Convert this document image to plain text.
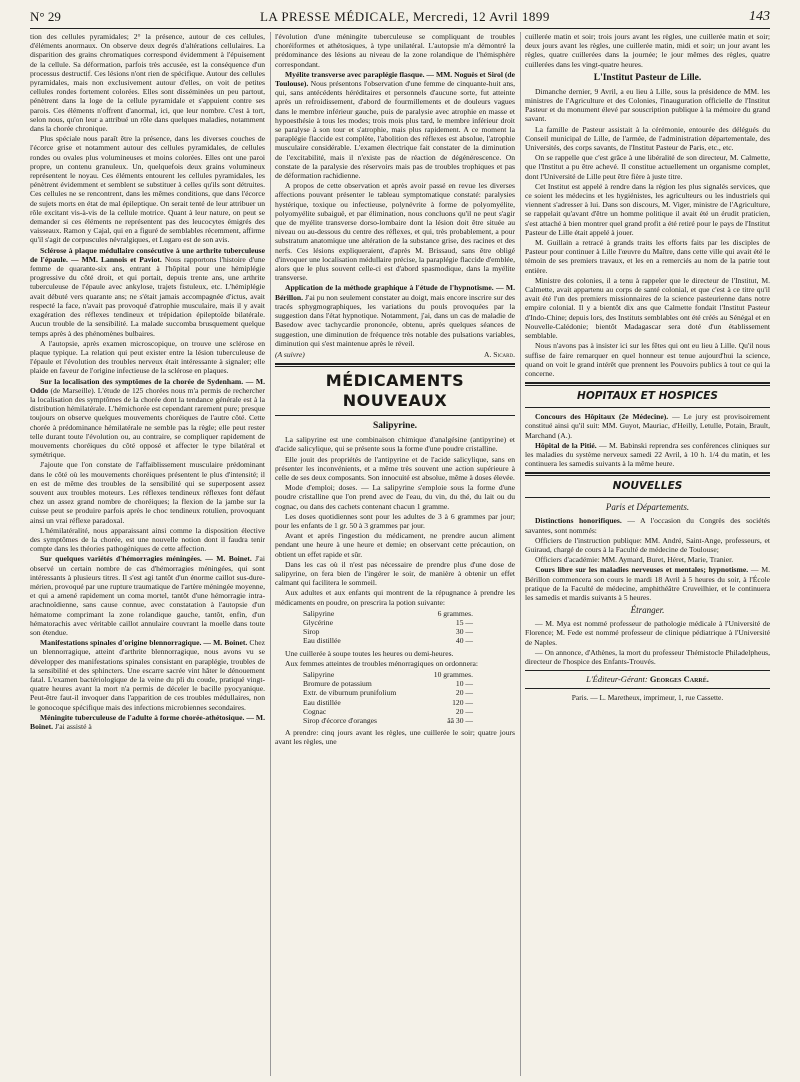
N° 29	LA PRESSE MÉDICALE, Mercredi, 12 Avril 1899	143

tion des cellules pyramidales; 2° la présence, autour de ces cellules, d'éléments anormaux. On observe deux degrés d'altérations cellulaires. La disparition des grains chromatiques correspond évidemment à l'épuisement de la cellule. Sa déformation, parfois très accusée, est la conséquence d'un processus destructif. Ces lésions n'ont rien de spécifique. Autour des cellules pyramidales, mais non exclusivement autour d'elles, on voit de petites cellules rondes fortement colorées. Elles sont disséminées un peu partout, pénètrent dans la loge de la cellule pyramidale et s'appuient contre ses parois. Ces éléments n'offrent d'anormal, ici, que leur nombre. C'est à tort, selon nous, qu'on leur a attribué un rôle dans quelques maladies, notamment dans la chorée chronique.

Plus spéciale nous paraît être la présence, dans les diverses couches de l'écorce grise et notamment autour des cellules pyramidales, de cellules rondes ou ovales plus volumineuses et moins colorées. Elles ont une paroi propre, un contenu granuleux. Un, quelquefois deux grains volumineux représentent le noyau. Ces éléments entourent les cellules pyramidales, les pénètrent évidemment et semblent se substituer à celles qu'ils sont détruites. Ces cellules ne se rencontrent, dans les mêmes conditions, que dans l'écorce de sujets morts en état de mal épileptique. On serait tenté de leur attribuer un rôle excitant vis-à-vis de la cellule motrice. Quant à leur nature, on peut se demander si ces éléments ne représentent pas des leucocytes émigrés des vaisseaux. Ramon y Cajal, qui en a figuré de semblables récemment, affirme qu'il s'agit de corpuscules névralgiques, et Lugaro est de son avis.

Sclérose à plaque médullaire consécutive à une arthrite tuberculeuse de l'épaule. — MM. Lannois et Paviot. Nous rapportons l'histoire d'une femme de quarante-six ans, entrant à l'hôpital pour une hémiplégie progressive du côté droit, et qui portait, depuis trente ans, une arthrite tuberculeuse de l'épaule avec ankylose, trajets fistuleux, etc. L'hémiplégie avait débuté vers quarante ans; ne s'était jamais accompagnée d'ictus, avait respecté la face, n'avait pas provoqué d'atrophie musculaire, mais il y avait exagération des réflexes tendineux et trépidation épileptoïde bilatérale. Aucun trouble de la sensibilité. La malade succomba brusquement quelque temps après à des phénomènes bulbaires.

A l'autopsie, après examen microscopique, on trouve une sclérose en plaque typique. La relation qui peut exister entre la lésion tuberculeuse de l'épaule et l'évolution des troubles nerveux était intéressante à signaler; elle plaide en faveur de l'origine infectieuse de la sclérose en plaques.

Sur la localisation des symptômes de la chorée de Sydenham. — M. Oddo (de Marseille). L'étude de 125 chorées nous m'a permis de rechercher la localisation des symptômes de la chorée dont la tendance générale est à la distribution hémilatérale. L'hémichorée est cependant rarement pure; presque toujours on observe quelques mouvements choréiques de l'autre côté. Cette chorée à prédominance hémilatérale ne semble pas la règle; elle peut rester telle durant toute l'évolution ou, au contraire, se compliquer rapidement de mouvements choréiques du côté opposé et affecter le type bilatéral et symétrique.

J'ajoute que l'on constate de l'affaiblissement musculaire prédominant dans le côté où les mouvements choréiques présentent le plus d'intensité; il en est de même des troubles de la sensibilité qui se superposent assez souvent aux troubles moteurs. Les réflexes tendineux réflexes font défaut chez un assez grand nombre de choréiques; la flexion de la jambe sur la cuisse peut se produire parfois après le choc tendineux rotulien, provoquant ainsi un vrai réflexe paradoxal.

L'hémilatéralité, nous apparaissant ainsi comme la disposition élective des symptômes de la chorée, est une nouvelle notion dont il faudra tenir compte dans les théories pathogéniques de cette affection.

Sur quelques variétés d'hémorragies méningées. — M. Boinet. J'ai observé un certain nombre de cas d'hémorragies méningées, qui sont intéressants à plusieurs titres. Il s'est agi tantôt d'un énorme caillot sus-dure-mérien, provoqué par une rupture traumatique de l'artère méningée moyenne, et qui a amené rapidement un coma mortel, tantôt d'une hémorragie intra-arachnoïdienne, sans cause connue, avec constatation à l'autopsie d'un hématome comprimant la zone rolandique gauche, tantôt, enfin, d'un hématorachis avec véritable caillot annulaire couvrant la moelle dans toute son étendue.

Manifestations spinales d'origine blennorragique. — M. Boinet. Chez un blennorragique, atteint d'arthrite blennorragique, nous avons vu se développer des manifestations spinales consistant en paraplégie, troubles de la sensibilité et des sphincters. Une escarre sacrée vint hâter le dénouement fatal. L'examen bactériologique de la veine du pli du coude, pratiqué vingt-quatre heures avant la mort n'a permis de déceler le bacille pyocyanique. Peut-être faut-il invoquer dans l'apparition de ces troubles médullaires, non le gonocoque spécifique mais des infections microbiennes secondaires.

Méningite tuberculeuse de l'adulte à forme chorée-athétosique. — M. Boinet. J'ai assisté à

l'évolution d'une méningite tuberculeuse se compliquant de troubles choréiformes et athétosiques, à type unilatéral. L'autopsie m'a démontré la prédominance des lésions au niveau de la zone rolandique de l'hémisphère correspondant.

Myélite transverse avec paraplégie flasque. — MM. Noguès et Sirol (de Toulouse). Nous présentons l'observation d'une femme de cinquante-huit ans, qui, sans antécédents héréditaires et personnels d'aucune sorte, fut atteinte après un refroidissement, d'abord de fourmillements et de douleurs vagues dans le membre inférieur gauche, puis de paralysie avec atrophie en masse et hypoesthésie à tous les modes; trois mois plus tard, le membre inférieur droit se paralyse à son tour et s'atrophie, mais plus rapidement. A ce moment la paraplégie flaccide est complète, l'abolition des réflexes est absolue, l'atrophie musculaire considérable. L'examen électrique fait constater de la diminution de l'excitabilité, mais il n'existe pas de réaction de dégénérescence. On constate de la paralysie des réservoirs mais pas de troubles trophiques et pas de déformation rachidienne.

A propos de cette observation et après avoir passé en revue les diverses affections pouvant présenter le tableau symptomatique constaté: paralysies hystérique, toxique ou infectieuse, polynévrite à forme de polyomyélite, polyomyélite subaiguë, et par élimination, nous concluons qu'il ne peut s'agir que de myélite transverse dorso-lombaire dont la lésion doit être située au niveau ou au-dessous du centre des réflexes, et qui, très probablement, a pour substratum anatomique une altération de la substance grise, des racines et des nerfs. Ces lésions expliqueraient, d'après M. Brissaud, sans être obligé d'invoquer une localisation médullaire précise, la paraplégie flaccide d'emblée, alors que le plus souvent celle-ci est d'abord spasmodique, dans la myélite transverse.

Application de la méthode graphique à l'étude de l'hypnotisme. — M. Bérillon. J'ai pu non seulement constater au doigt, mais encore inscrire sur des tracés sphygmographiques, les variations du pouls provoquées par la suggestion dans l'état hypnotique. Notamment, j'ai, dans un cas de maladie de Basedow avec tachycardie prononcée, obtenu, après quelques séances de suggestion, une diminution de fréquence très notable des pulsations variables, diminution qui s'est maintenue après le réveil.

(A suivre)	A. Sicard.
MÉDICAMENTS NOUVEAUX
Salipyrine.

La salipyrine est une combinaison chimique d'analgésine (antipyrine) et d'acide salicylique, qui se présente sous la forme d'une poudre cristalline.

Elle jouit des propriétés de l'antipyrine et de l'acide salicylique, sans en présenter les inconvénients, et a même très souvent une action supérieure à celle de ses deux composants. Son innocuité est absolue, même à doses élevée.

Mode d'emploi; doses. — La salipyrine s'emploie sous la forme d'une poudre cristalline que l'on prend avec de l'eau, du vin, du thé, du lait ou du cognac, ou dans des cachets contenant chacun 1 gramme.

Les doses quotidiennes sont pour les adultes de 3 à 6 grammes par jour; pour les enfants de 1 gr. 50 à 3 grammes par jour.

Avant et après l'ingestion du médicament, ne prendre aucun aliment pendant une heure à une heure et demie; en observant cette précaution, on obtient un effet rapide et sûr.

Dans les cas où il n'est pas nécessaire de prendre plus d'une dose de salipyrine, on fera bien de l'ingérer le soir, de manière à obtenir un effet calmant qui facilitera le sommeil.

Aux adultes et aux enfants qui montrent de la répugnance à prendre les médicaments en poudre, on prescrira la potion suivante:

Salipyrine	6 grammes.
Glycérine	15 —
Sirop	30 —
Eau distillée	40 —

Une cuillerée à soupe toutes les heures ou demi-heures.

Aux femmes atteintes de troubles ménorragiques on ordonnera:

Salipyrine	10 grammes.
Bromure de potassium	10 —
Extr. de viburnum prunifolium	20 —
Eau distillée	120 —
Cognac	20 —
Sirop d'écorce d'oranges	ââ 30 —

A prendre: cinq jours avant les règles, une cuillerée le soir; quatre jours avant les règles, une

cuillerée matin et soir; trois jours avant les règles, une cuillerée matin et soir; deux jours avant les règles, une cuillerée matin, midi et soir; un jour avant les règles, quatre cuillerées dans la journée; le jour mêmes des règles, quatre cuillerées dans les vingt-quatre heures.

L'Institut Pasteur de Lille.

Dimanche dernier, 9 Avril, a eu lieu à Lille, sous la présidence de MM. les ministres de l'Agriculture et des Colonies, l'inauguration officielle de l'Institut Pasteur et du monument élevé par souscription publique à la mémoire du grand savant.

La famille de Pasteur assistait à la cérémonie, entourée des délégués du Conseil municipal de Lille, de l'armée, de l'administration départementale, des Universités, des corps savants, de l'Institut Pasteur de Paris, etc., etc.

On se rappelle que c'est grâce à une libéralité de son directeur, M. Calmette, que l'Institut a pu être achevé. Il constitue actuellement un organisme complet, dont l'Université de Lille peut être fière à juste titre.

Cet Institut est appelé à rendre dans la région les plus signalés services, que ce soient les médecins et les hygiénistes, les agriculteurs ou les industriels qui viennent s'adresser à lui. Dans son discours, M. Viger, ministre de l'Agriculture, se rappelait qu'avant d'être un homme politique il avait été un érudit praticien, s'est attaché à bien montrer quel grand profit a été retiré pour le pays de l'Institut Pasteur de Lille était appelé à jouer.

M. Guillain a retracé à grands traits les efforts faits par les disciples de Pasteur pour continuer à Lille l'œuvre du Maître, dans cette ville qui avait été le témoin de ses premiers travaux, et les en a remerciés au nom de la patrie tout entière.

Ministre des colonies, il a tenu à rappeler que le directeur de l'Institut, M. Calmette, avait appartenu au corps de santé colonial, et que c'est à ce titre qu'il avait été l'un des premiers missionnaires de la science pasteurienne dans notre empire colonial. Il y a bientôt dix ans que Calmette fondait l'Institut Pasteur d'Indo-Chine; depuis lors, des Instituts semblables ont été créés au Sénégal et en Nouvelle-Calédonie; bientôt Madagascar sera doté d'un établissement semblable.

Nous n'avons pas à insister ici sur les fêtes qui ont eu lieu à Lille. Qu'il nous suffise de faire remarquer en quel honneur est tenue aujourd'hui la science, quand on voit le grand intérêt que prennent les Pouvoirs publics à tout ce qui la concerne.

HOPITAUX ET HOSPICES

Concours des Hôpitaux (2e Médecine). — Le jury est provisoirement constitué ainsi qu'il suit: MM. Guyot, Mauriac, d'Heilly, Letulle, Potain, Brault, Marchand (A.).

Hôpital de la Pitié. — M. Babinski reprendra ses conférences cliniques sur les maladies du système nerveux samedi 22 Avril, à 10 h. 1/4 du matin, et les continuera les samedis suivants à la même heure.

NOUVELLES
Paris et Départements.

Distinctions honorifiques. — A l'occasion du Congrès des sociétés savantes, sont nommés:

Officiers de l'instruction publique: MM. André, Saint-Ange, professeurs, et Guiraud, chargé de cours à la Faculté de médecine de Toulouse;

Officiers d'académie: MM. Aymard, Buret, Héret, Marie, Tranier.

Cours libre sur les maladies nerveuses et mentales; hypnotisme. — M. Bérillon commencera son cours le mardi 18 Avril à 5 heures du soir, à l'École pratique de la Faculté de médecine, amphithéâtre Cruveilhier, et le continuera les samedis et mardis suivants à 5 heures.

Étranger.

— M. Mya est nommé professeur de pathologie médicale à l'Université de Florence; M. Fede est nommé professeur de clinique pédiatrique à l'Université de Naples.

— On annonce, d'Athènes, la mort du professeur Thémistocle Philadelpheus, directeur de l'hospice des Enfants-Trouvés.

L'Éditeur-Gérant: Georges Carré.
Paris. — L. Maretheux, imprimeur, 1, rue Cassette.
